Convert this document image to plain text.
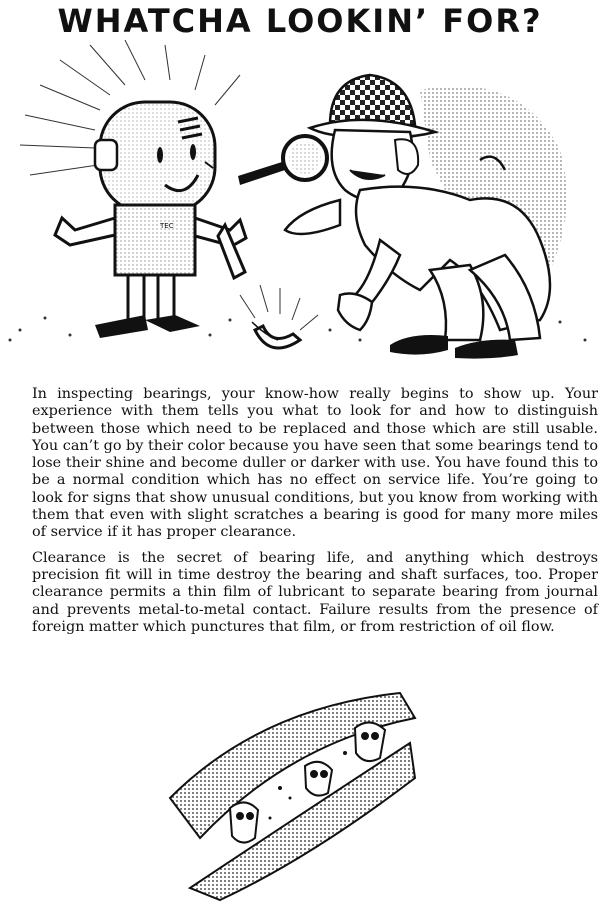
WHATCHA LOOKIN’ FOR?
TEC

In inspecting bearings, your know-how really begins to show up. Your experience with them tells you what to look for and how to distinguish between those which need to be replaced and those which are still usable. You can’t go by their color because you have seen that some bearings tend to lose their shine and become duller or darker with use. You have found this to be a normal condition which has no effect on service life. You’re going to look for signs that show unusual conditions, but you know from working with them that even with slight scratches a bearing is good for many more miles of service if it has proper clearance.

Clearance is the secret of bearing life, and anything which destroys precision fit will in time destroy the bearing and shaft surfaces, too. Proper clearance permits a thin film of lubricant to separate bearing from journal and prevents metal-to-metal contact. Failure results from the presence of foreign matter which punctures that film, or from restriction of oil flow.
